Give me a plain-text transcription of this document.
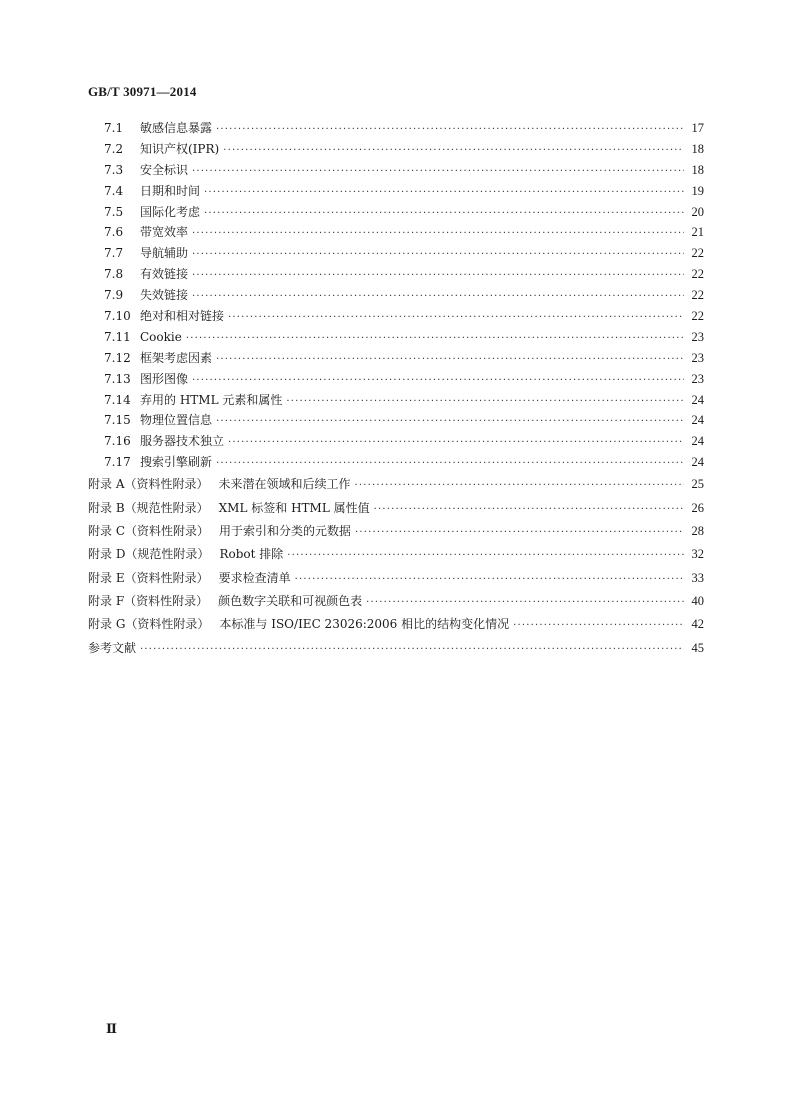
GB/T 30971—2014
7.1	敏感信息暴露 ·····	17
7.2	知识产权(IPR) ·····	18
7.3	安全标识 ·····	18
7.4	日期和时间 ·····	19
7.5	国际化考虑 ·····	20
7.6	带宽效率 ·····	21
7.7	导航辅助 ·····	22
7.8	有效链接 ·····	22
7.9	失效链接 ·····	22
7.10 绝对和相对链接 ·····	22
7.11 Cookie ·····	23
7.12 框架考虑因素 ·····	23
7.13 图形图像 ·····	23
7.14 弃用的 HTML 元素和属性 ·····	24
7.15 物理位置信息 ·····	24
7.16 服务器技术独立 ·····	24
7.17 搜索引擎刷新 ·····	24
附录 A（资料性附录） 未来潜在领域和后续工作 ·····	25
附录 B（规范性附录） XML 标签和 HTML 属性值 ·····	26
附录 C（资料性附录） 用于索引和分类的元数据 ·····	28
附录 D（规范性附录） Robot 排除 ·····	32
附录 E（资料性附录） 要求检查清单 ·····	33
附录 F（资料性附录） 颜色数字关联和可视颜色表 ·····	40
附录 G（资料性附录） 本标准与 ISO/IEC 23026:2006 相比的结构变化情况 ·····	42
参考文献 ·····	45
Ⅱ
